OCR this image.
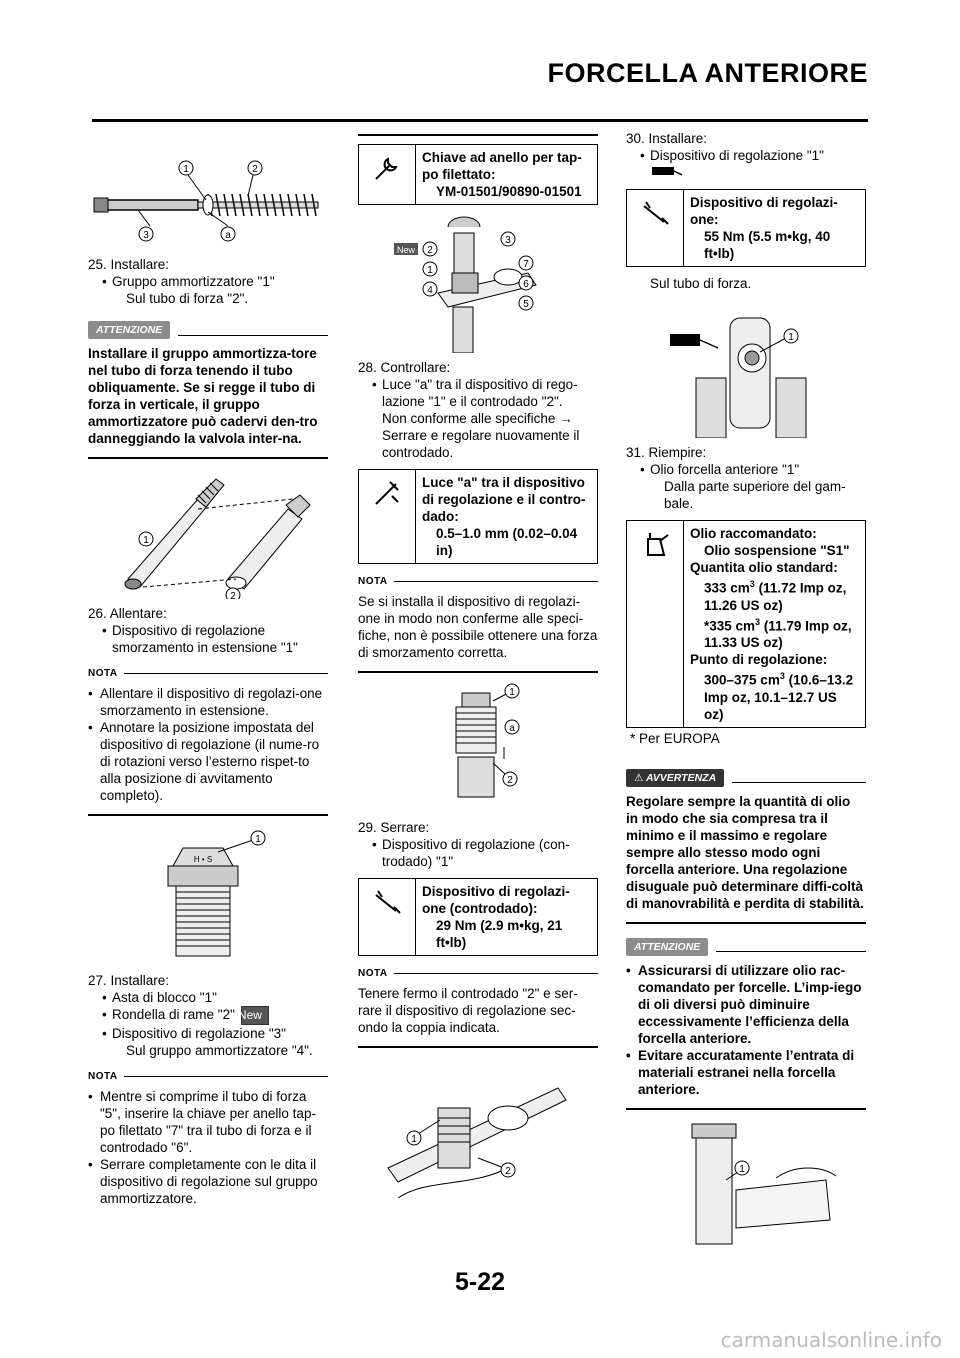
FORCELLA ANTERIORE
1	2
3	a
25. Installare:
• Gruppo ammortizzatore "1"
Sul tubo di forza "2".
ATTENZIONE
Installare il gruppo ammortizza-tore nel tubo di forza tenendo il tubo obliquamente. Se si regge il tubo di forza in verticale, il gruppo ammortizzatore può cadervi den-tro danneggiando la valvola inter-na.
1
2
26. Allentare:
• Dispositivo di regolazione smorzamento in estensione "1"
NOTA
• Allentare il dispositivo di regolazi-one smorzamento in estensione.
• Annotare la posizione impostata del dispositivo di regolazione (il nume-ro di rotazioni verso l’esterno rispet-to alla posizione di avvitamento completo).
H • S
1
27. Installare:
• Asta di blocco "1"
• Rondella di rame "2" New
• Dispositivo di regolazione "3"
Sul gruppo ammortizzatore "4".
NOTA
• Mentre si comprime il tubo di forza "5", inserire la chiave per anello tap-po filettato "7" tra il tubo di forza e il controdado "6".
• Serrare completamente con le dita il dispositivo di regolazione sul gruppo ammortizzatore.
Chiave ad anello per tap-
po filettato:
YM-01501/90890-01501
New 2
3
1
7
4
6
5
28. Controllare:
• Luce "a" tra il dispositivo di rego-lazione "1" e il controdado "2".
Non conforme alle specifiche →
Serrare e regolare nuovamente il controdado.
Luce "a" tra il dispositivo
di regolazione e il contro-
dado:
0.5–1.0 mm (0.02–0.04 in)
NOTA
Se si installa il dispositivo di regolazi-one in modo non conferme alle speci-fiche, non è possibile ottenere una forza di smorzamento corretta.
1
a
2
29. Serrare:
• Dispositivo di regolazione (con-trodado) "1"
Dispositivo di regolazi-
one (controdado):
29 Nm (2.9 m•kg, 21 ft•lb)
NOTA
Tenere fermo il controdado "2" e ser-rare il dispositivo di regolazione sec-ondo la coppia indicata.
1
2
30. Installare:
• Dispositivo di regolazione "1"
Dispositivo di regolazi-
one:
55 Nm (5.5 m•kg, 40 ft•lb)
Sul tubo di forza.
1
31. Riempire:
• Olio forcella anteriore "1"
Dalla parte superiore del gam-bale.
Olio raccomandato:
Olio sospensione "S1"
Quantita olio standard:
333 $cm^3$ (11.72 Imp oz, 11.26 US oz)
*335 $cm^3$ (11.79 Imp oz, 11.33 US oz)
Punto di regolazione:
300–375 $cm^3$ (10.6–13.2 Imp oz, 10.1–12.7 US oz)
* Per EUROPA
⚠ AVVERTENZA
Regolare sempre la quantità di olio in modo che sia compresa tra il minimo e il massimo e regolare sempre allo stesso modo ogni forcella anteriore. Una regolazione disuguale può determinare diffi-coltà di manovrabilità e perdita di stabilità.
ATTENZIONE
• Assicurarsi di utilizzare olio rac-comandato per forcelle. L’imp-iego di oli diversi può diminuire eccessivamente l’efficienza della forcella anteriore.
• Evitare accuratamente l’entrata di materiali estranei nella forcella anteriore.
1
5-22
carmanualsonline.info
